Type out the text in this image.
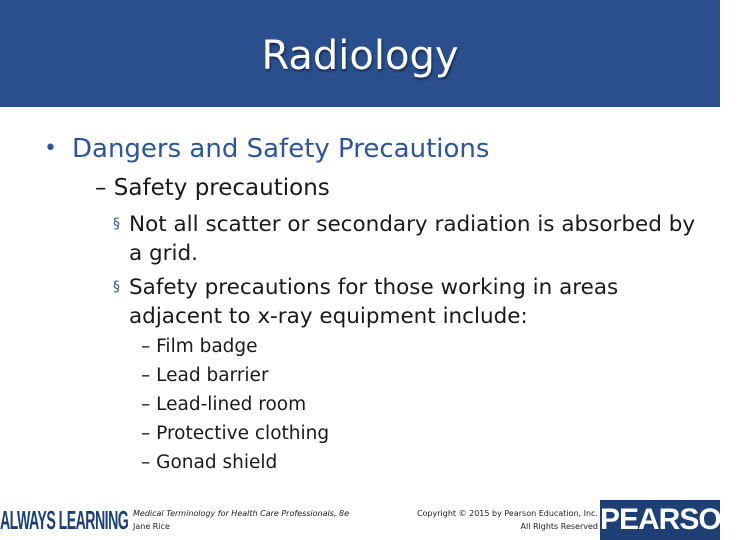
Radiology
• Dangers and Safety Precautions
– Safety precautions
§ Not all scatter or secondary radiation is absorbed by a grid.
§ Safety precautions for those working in areas adjacent to x-ray equipment include:
– Film badge
– Lead barrier
– Lead-lined room
– Protective clothing
– Gonad shield
ALWAYS LEARNING Medical Terminology for Health Care Professionals, 8e
Jane Rice
Copyright © 2015 by Pearson Education, Inc.
All Rights Reserved PEARSON
